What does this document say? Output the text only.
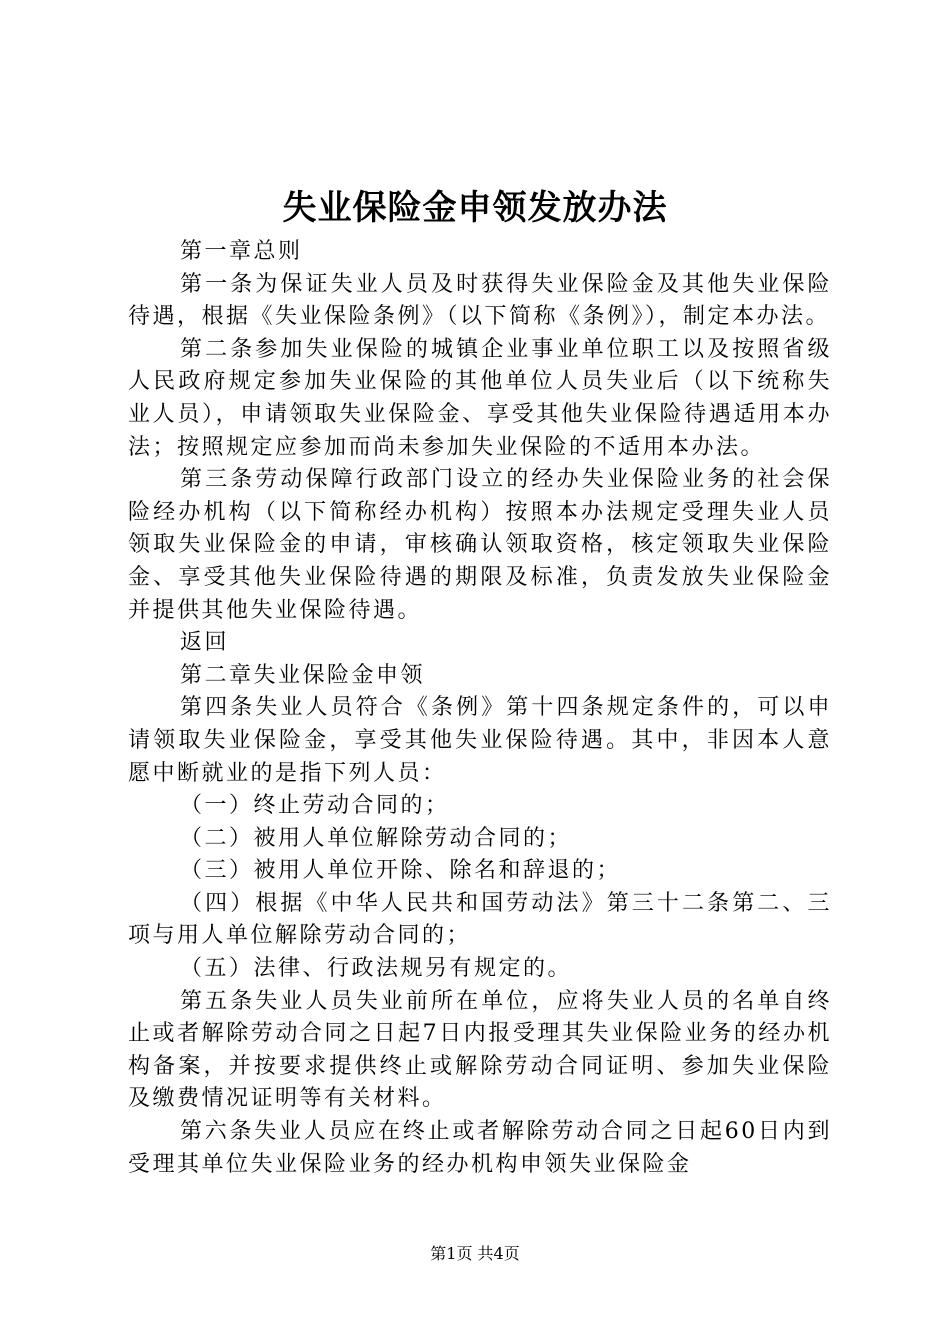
失业保险金申领发放办法

第一章总则

第一条为保证失业人员及时获得失业保险金及其他失业保险待遇，根据《失业保险条例》（以下简称《条例》），制定本办法。

第二条参加失业保险的城镇企业事业单位职工以及按照省级人民政府规定参加失业保险的其他单位人员失业后（以下统称失业人员），申请领取失业保险金、享受其他失业保险待遇适用本办法；按照规定应参加而尚未参加失业保险的不适用本办法。

第三条劳动保障行政部门设立的经办失业保险业务的社会保险经办机构（以下简称经办机构）按照本办法规定受理失业人员领取失业保险金的申请，审核确认领取资格，核定领取失业保险金、享受其他失业保险待遇的期限及标准，负责发放失业保险金并提供其他失业保险待遇。

返回

第二章失业保险金申领

第四条失业人员符合《条例》第十四条规定条件的，可以申请领取失业保险金，享受其他失业保险待遇。其中，非因本人意愿中断就业的是指下列人员：

（一）终止劳动合同的；

（二）被用人单位解除劳动合同的；

（三）被用人单位开除、除名和辞退的；

（四）根据《中华人民共和国劳动法》第三十二条第二、三项与用人单位解除劳动合同的；

（五）法律、行政法规另有规定的。

第五条失业人员失业前所在单位，应将失业人员的名单自终止或者解除劳动合同之日起7日内报受理其失业保险业务的经办机构备案，并按要求提供终止或解除劳动合同证明、参加失业保险及缴费情况证明等有关材料。

第六条失业人员应在终止或者解除劳动合同之日起60日内到受理其单位失业保险业务的经办机构申领失业保险金

第1页 共4页
